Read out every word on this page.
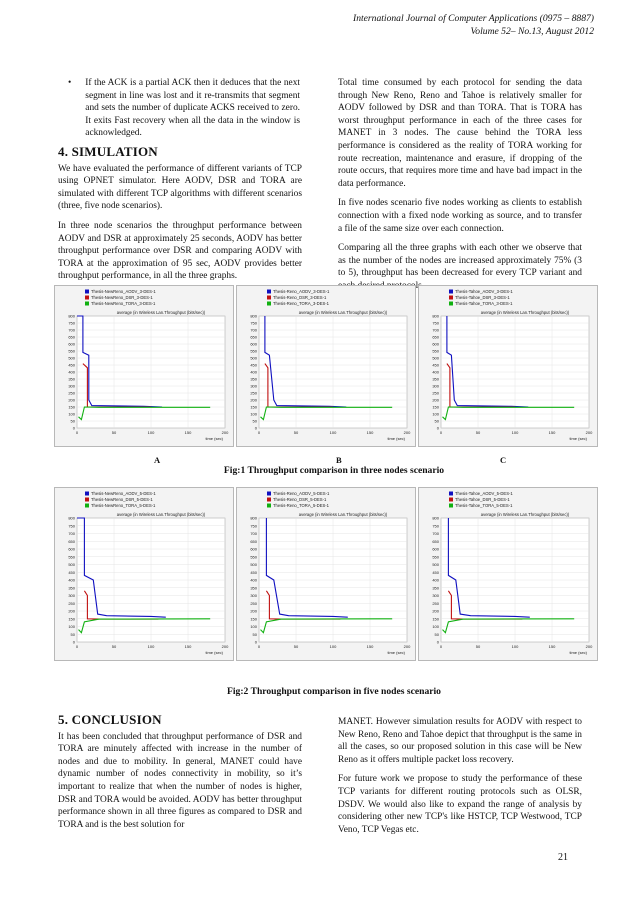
International Journal of Computer Applications (0975 – 8887)
Volume 52– No.13, August 2012
• If the ACK is a partial ACK then it deduces that the next segment in line was lost and it re-transmits that segment and sets the number of duplicate ACKS received to zero. It exits Fast recovery when all the data in the window is acknowledged.
4. SIMULATION

We have evaluated the performance of different variants of TCP using OPNET simulator. Here AODV, DSR and TORA are simulated with different TCP algorithms with different scenarios (three, five node scenarios).

In three node scenarios the throughput performance between AODV and DSR at approximately 25 seconds, AODV has better throughput performance over DSR and comparing AODV with TORA at the approximation of 95 sec, AODV provides better throughput performance, in all the three graphs.

Total time consumed by each protocol for sending the data through New Reno, Reno and Tahoe is relatively smaller for AODV followed by DSR and than TORA. That is TORA has worst throughput performance in each of the three cases for MANET in 3 nodes. The cause behind the TORA less performance is considered as the reality of TORA working for route recreation, maintenance and erasure, if dropping of the route occurs, that requires more time and have bad impact in the data performance.

In five nodes scenario five nodes working as clients to establish connection with a fixed node working as source, and to transfer a file of the same size over each connection.

Comparing all the three graphs with each other we observe that as the number of the nodes are increased approximately 75% (3 to 5), throughput has been decreased for every TCP variant and

Thesis-NewReno_AODV_3-DES-1
Thesis-NewReno_DSR_3-DES-1
Thesis-NewReno_TORA_3-DES-1
average (in Wireless Lan.Throughput (bits/sec))
0
50
100
150
200
250
300
350
400
450
500
550
600
650
700
750
800
0	50	100	150	200
time (sec)
Thesis-Reno_AODV_3-DES-1
Thesis-Reno_DSR_3-DES-1
Thesis-Reno_TORA_3-DES-1
average (in Wireless Lan.Throughput (bits/sec))
0
50
100
150
200
250
300
350
400
450
500
550
600
650
700
750
800
0	50	100	150	200
time (sec)
Thesis-Tahoe_AODV_3-DES-1
Thesis-Tahoe_DSR_3-DES-1
Thesis-Tahoe_TORA_3-DES-1
average (in Wireless Lan.Throughput (bits/sec))
0
50
100
150
200
250
300
350
400
450
500
550
600
650
700
750
800
0	50	100	150	200
time (sec)
A	B	C
Fig:1 Throughput comparison in three nodes scenario
Thesis-NewReno_AODV_5-DES-1
Thesis-NewReno_DSR_5-DES-1
Thesis-NewReno_TORA_5-DES-1
average (in Wireless Lan.Throughput (bits/sec))
0
50
100
150
200
250
300
350
400
450
500
550
600
650
700
750
800
0	50	100	150	200
time (sec)
Thesis-Reno_AODV_5-DES-1
Thesis-Reno_DSR_5-DES-1
Thesis-Reno_TORA_5-DES-1
average (in Wireless Lan.Throughput (bits/sec))
0
50
100
150
200
250
300
350
400
450
500
550
600
650
700
750
800
0	50	100	150	200
time (sec)
Thesis-Tahoe_AODV_5-DES-1
Thesis-Tahoe_DSR_5-DES-1
Thesis-Tahoe_TORA_5-DES-1
average (in Wireless Lan.Throughput (bits/sec))
0
50
100
150
200
250
300
350
400
450
500
550
600
650
700
750
800
0	50	100	150	200
time (sec)
Fig:2 Throughput comparison in five nodes scenario
5. CONCLUSION

It has been concluded that throughput performance of DSR and TORA are minutely affected with increase in the number of nodes and due to mobility. In general, MANET could have dynamic number of nodes connectivity in mobility, so it’s important to realize that when the number of nodes is higher, DSR and TORA would be avoided. AODV has better throughput performance shown in all three figures as compared to DSR and TORA and is the best solution for

MANET. However simulation results for AODV with respect to New Reno, Reno and Tahoe depict that throughput is the same in all the cases, so our proposed solution in this case will be New Reno as it offers multiple packet loss recovery.

For future work we propose to study the performance of these TCP variants for different routing protocols such as OLSR, DSDV. We would also like to expand the range of analysis by considering other new TCP's like HSTCP, TCP Westwood, TCP Veno, TCP Vegas etc.

21
